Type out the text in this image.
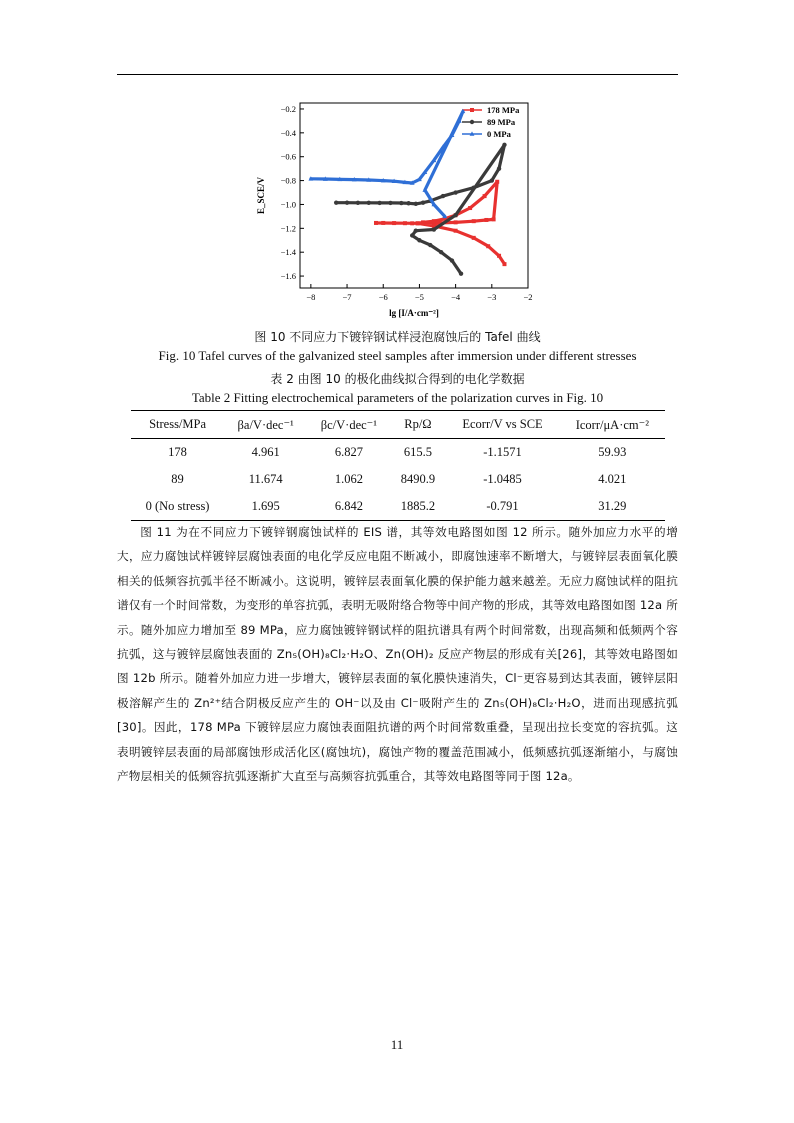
−8	−7	−6	−5	−4	−3	−2
−0.2
−0.4
−0.6
−0.8
−1.0
−1.2
−1.4
−1.6
lg [I/A·cm⁻²]
E_SCE/V
178 MPa
89 MPa
0 MPa
图 10 不同应力下镀锌钢试样浸泡腐蚀后的 Tafel 曲线
Fig. 10 Tafel curves of the galvanized steel samples after immersion under different stresses
表 2 由图 10 的极化曲线拟合得到的电化学数据
Table 2 Fitting electrochemical parameters of the polarization curves in Fig. 10
Stress/MPa	βa/V·dec⁻¹	βc/V·dec⁻¹	Rp/Ω	Ecorr/V vs SCE	Icorr/μA·cm⁻²
178	4.961	6.827	615.5	-1.1571	59.93
89	11.674	1.062	8490.9	-1.0485	4.021
0 (No stress)	1.695	6.842	1885.2	-0.791	31.29
图 11 为在不同应力下镀锌钢腐蚀试样的 EIS 谱，其等效电路图如图 12 所示。随外加应力水平的增大，应力腐蚀试样镀锌层腐蚀表面的电化学反应电阻不断减小，即腐蚀速率不断增大，与镀锌层表面氧化膜相关的低频容抗弧半径不断减小。这说明，镀锌层表面氧化膜的保护能力越来越差。无应力腐蚀试样的阻抗谱仅有一个时间常数，为变形的单容抗弧，表明无吸附络合物等中间产物的形成，其等效电路图如图 12a 所示。随外加应力增加至 89 MPa，应力腐蚀镀锌钢试样的阻抗谱具有两个时间常数，出现高频和低频两个容抗弧，这与镀锌层腐蚀表面的 Zn₅(OH)₈Cl₂·H₂O、Zn(OH)₂ 反应产物层的形成有关[26]，其等效电路图如图 12b 所示。随着外加应力进一步增大，镀锌层表面的氧化膜快速消失，Cl⁻更容易到达其表面，镀锌层阳极溶解产生的 Zn²⁺结合阴极反应产生的 OH⁻以及由 Cl⁻吸附产生的 Zn₅(OH)₈Cl₂·H₂O，进而出现感抗弧[30]。因此，178 MPa 下镀锌层应力腐蚀表面阻抗谱的两个时间常数重叠，呈现出拉长变宽的容抗弧。这表明镀锌层表面的局部腐蚀形成活化区(腐蚀坑)，腐蚀产物的覆盖范围减小，低频感抗弧逐渐缩小，与腐蚀产物层相关的低频容抗弧逐渐扩大直至与高频容抗弧重合，其等效电路图等同于图 12a。
11
